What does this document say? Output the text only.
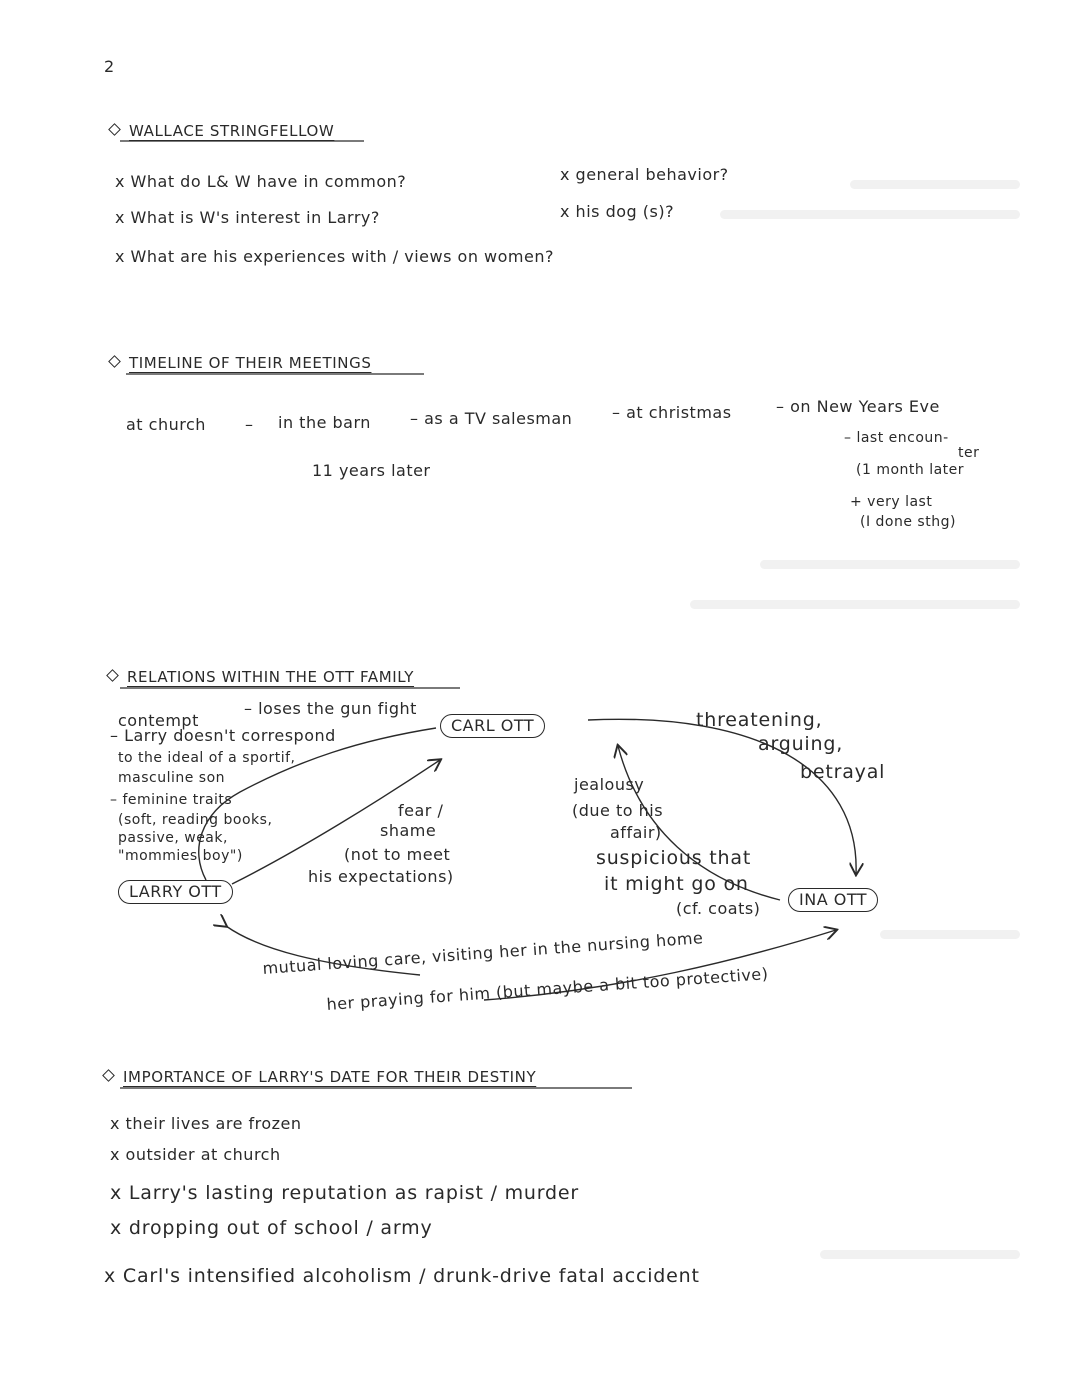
2
WALLACE STRINGFELLOW
x What do L& W have in common?
x What is W's interest in Larry?
x What are his experiences with / views on women?
x general behavior?
x his dog (s)?
TIMELINE OF THEIR MEETINGS
at church – in the barn – as a TV salesman – at christmas	– on New Years Eve
11 years later
– last encoun-
ter
(1 month later
+ very last
(I done sthg)
RELATIONS WITHIN THE OTT FAMILY
CARL OTT
LARRY OTT	INA OTT
contempt
– loses the gun fight
– Larry doesn't correspond
to the ideal of a sportif,
masculine son
– feminine traits
(soft, reading books,
passive, weak,
"mommies boy")
fear /
shame
(not to meet
his expectations)
threatening,
arguing,
betrayal
jealousy
(due to his
affair)
suspicious that
it might go on
(cf. coats)
mutual loving care, visiting her in the nursing home
her praying for him (but maybe a bit too protective)
IMPORTANCE OF LARRY'S DATE FOR THEIR DESTINY
x their lives are frozen
x outsider at church
x Larry's lasting reputation as rapist / murder
x dropping out of school / army
x Carl's intensified alcoholism / drunk-drive fatal accident
